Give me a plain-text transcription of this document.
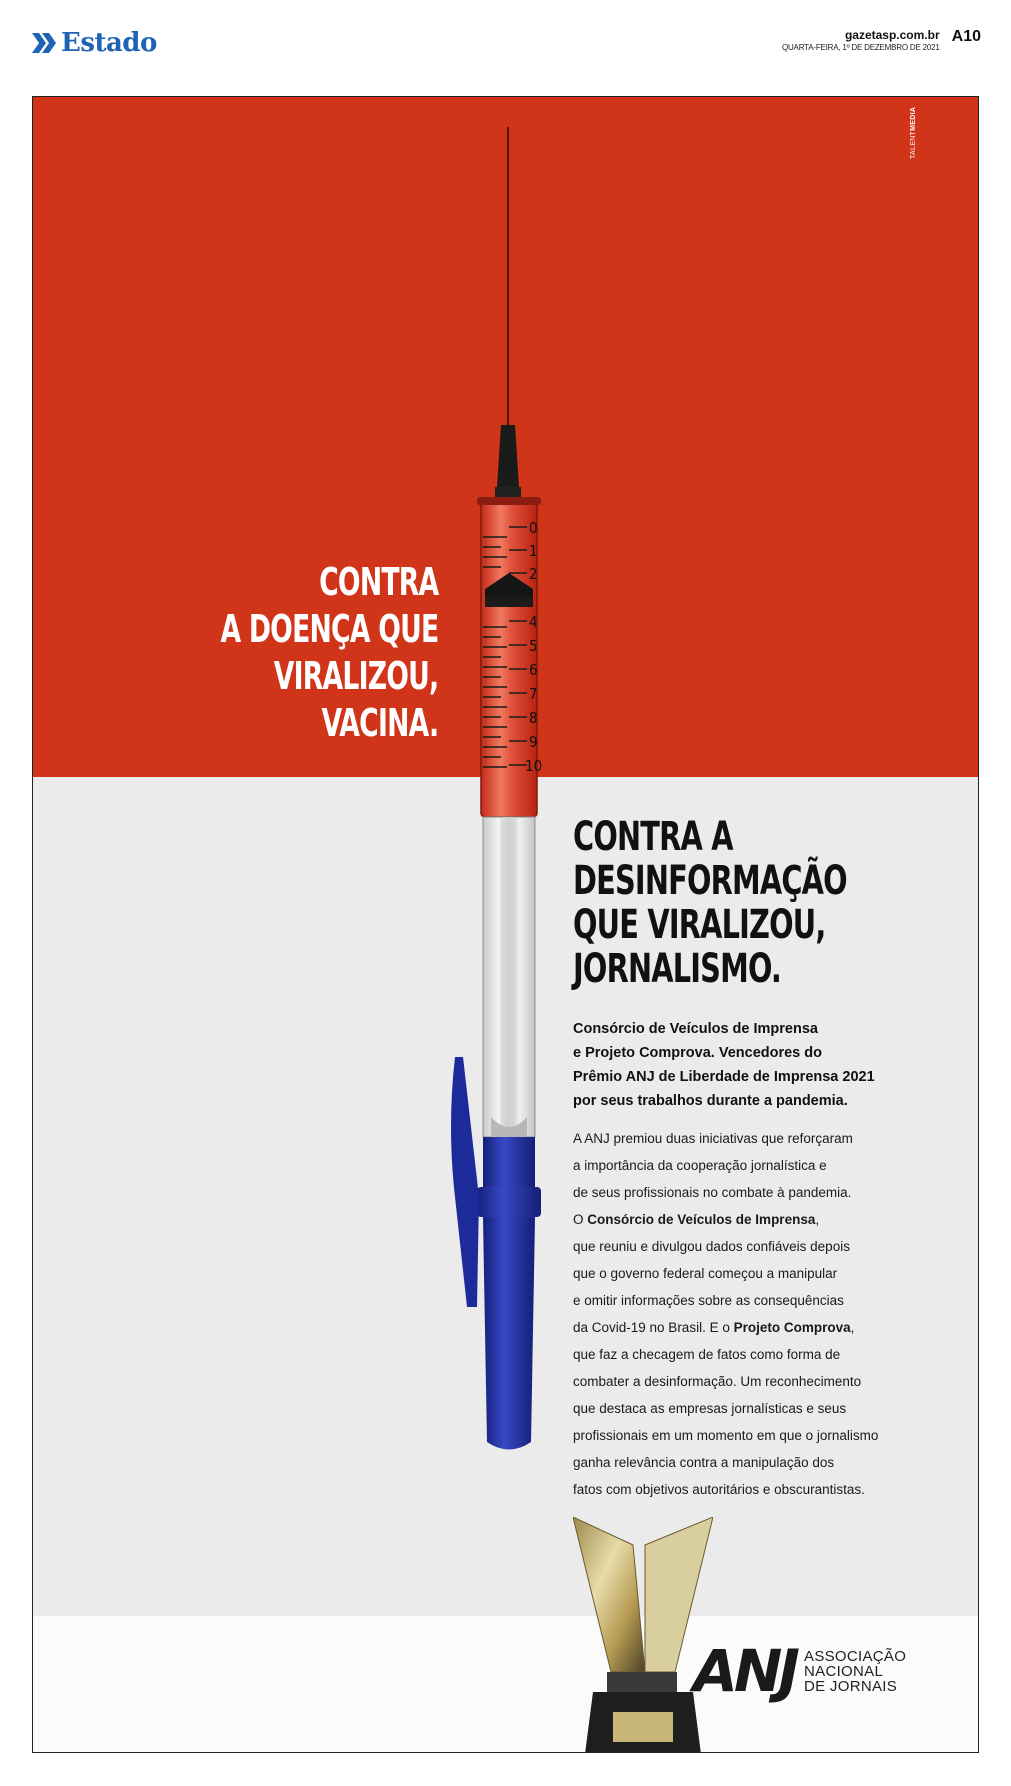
Estado	gazetasp.com.br
QUARTA-FEIRA, 1º DE DEZEMBRO DE 2021
A10
TALENTMEDIA
0
1
2
4
5
6
7
8
9
10
CONTRA
A DOENÇA QUE
VIRALIZOU,
VACINA.
CONTRA A
DESINFORMAÇÃO
QUE VIRALIZOU,
JORNALISMO.
Consórcio de Veículos de Imprensa
e Projeto Comprova. Vencedores do
Prêmio ANJ de Liberdade de Imprensa 2021
por seus trabalhos durante a pandemia.
A ANJ premiou duas iniciativas que reforçaram
a importância da cooperação jornalística e
de seus profissionais no combate à pandemia.
O Consórcio de Veículos de Imprensa,
que reuniu e divulgou dados confiáveis depois
que o governo federal começou a manipular
e omitir informações sobre as consequências
da Covid-19 no Brasil. E o Projeto Comprova,
que faz a checagem de fatos como forma de
combater a desinformação. Um reconhecimento
que destaca as empresas jornalísticas e seus
profissionais em um momento em que o jornalismo
ganha relevância contra a manipulação dos
fatos com objetivos autoritários e obscurantistas.
ANJ ASSOCIAÇÃO
NACIONAL
DE JORNAIS
